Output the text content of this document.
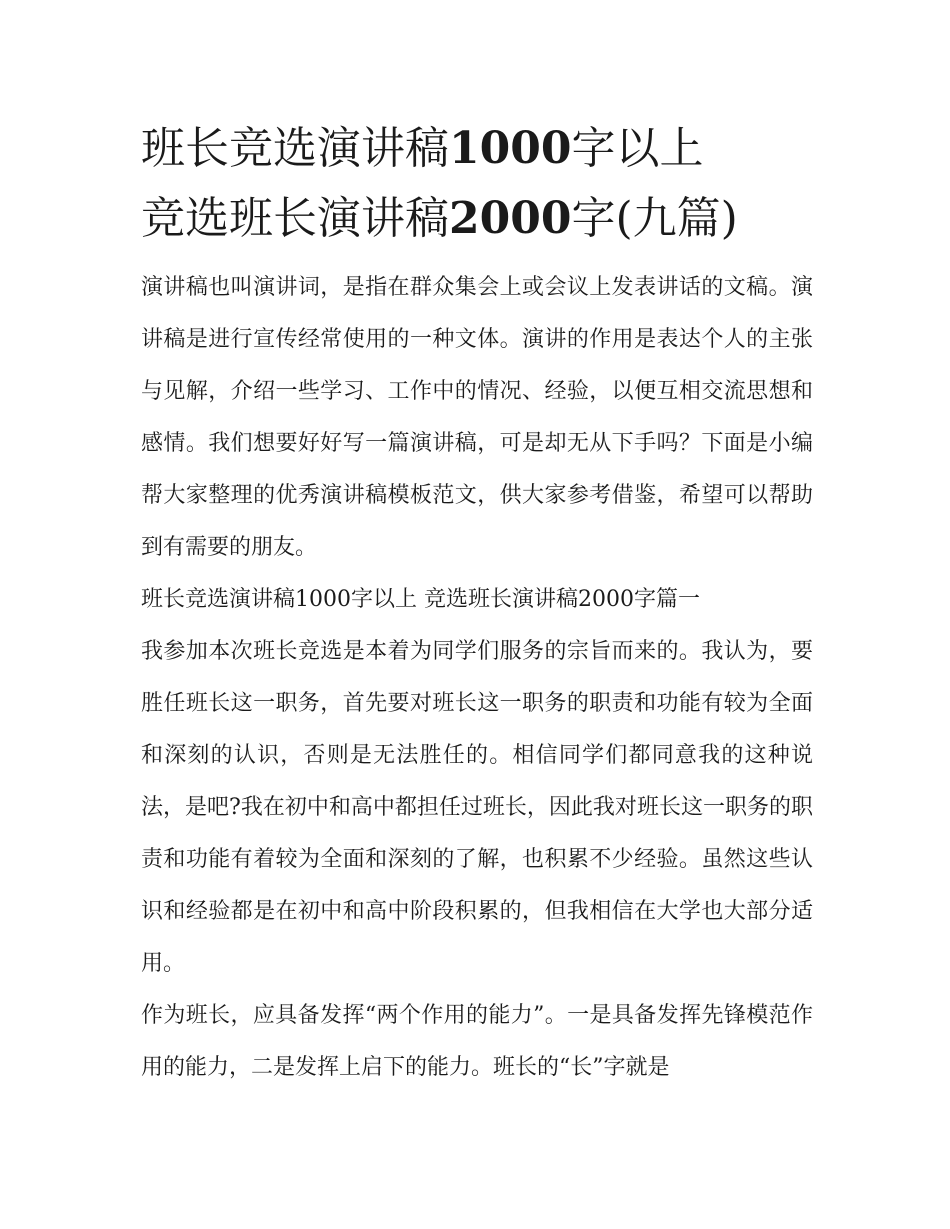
班长竞选演讲稿1000字以上
竞选班长演讲稿2000字(九篇)

演讲稿也叫演讲词，是指在群众集会上或会议上发表讲话的文稿。演讲稿是进行宣传经常使用的一种文体。演讲的作用是表达个人的主张与见解，介绍一些学习、工作中的情况、经验，以便互相交流思想和感情。我们想要好好写一篇演讲稿，可是却无从下手吗？下面是小编帮大家整理的优秀演讲稿模板范文，供大家参考借鉴，希望可以帮助到有需要的朋友。

班长竞选演讲稿1000字以上 竞选班长演讲稿2000字篇一

我参加本次班长竞选是本着为同学们服务的宗旨而来的。我认为，要胜任班长这一职务，首先要对班长这一职务的职责和功能有较为全面和深刻的认识，否则是无法胜任的。相信同学们都同意我的这种说法，是吧?我在初中和高中都担任过班长，因此我对班长这一职务的职责和功能有着较为全面和深刻的了解，也积累不少经验。虽然这些认识和经验都是在初中和高中阶段积累的，但我相信在大学也大部分适用。

作为班长，应具备发挥“两个作用的能力”。一是具备发挥先锋模范作用的能力，二是发挥上启下的能力。班长的“长”字就是
